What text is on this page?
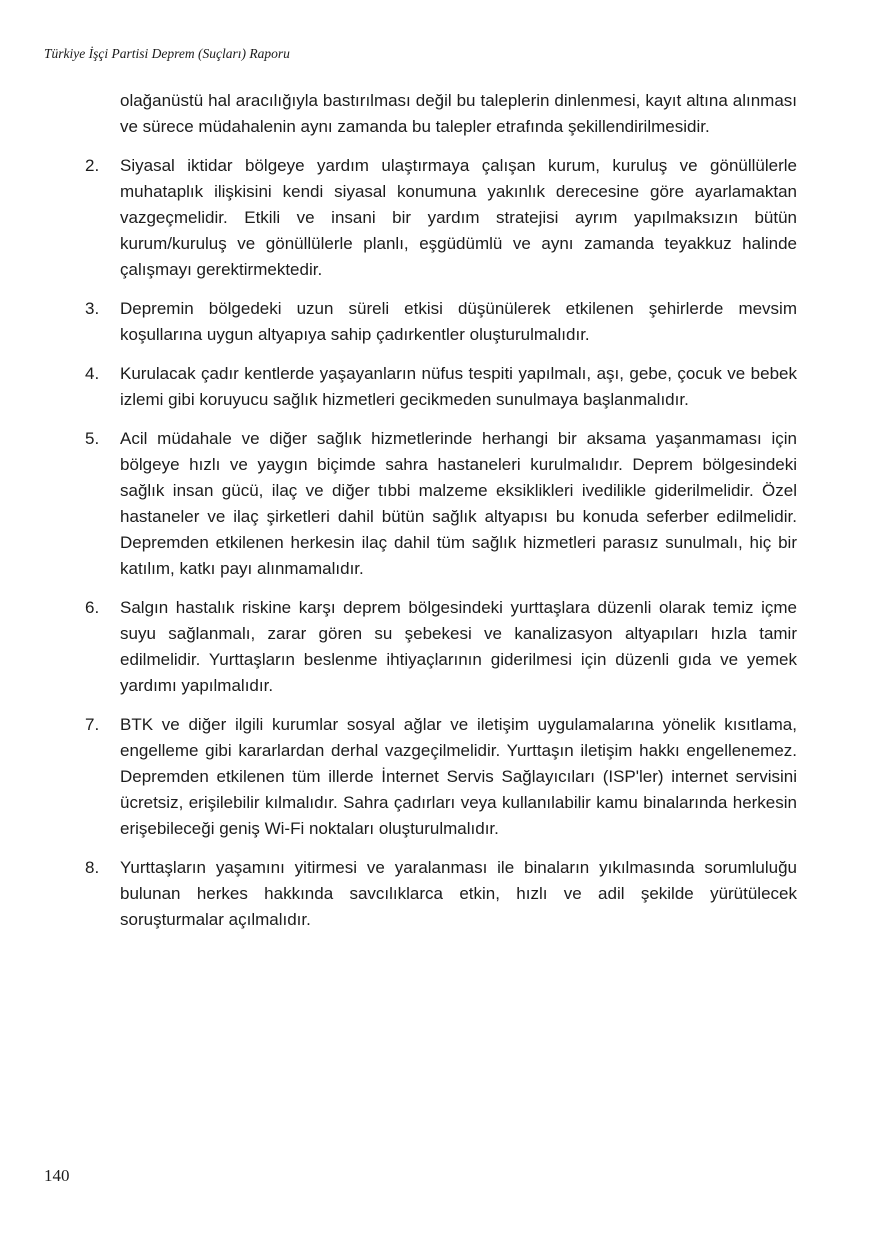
Türkiye İşçi Partisi Deprem (Suçları) Raporu

olağanüstü hal aracılığıyla bastırılması değil bu taleplerin dinlenmesi, kayıt altına alınması ve sürece müdahalenin aynı zamanda bu talepler etrafında şekillendirilmesidir.

2.	Siyasal iktidar bölgeye yardım ulaştırmaya çalışan kurum, kuruluş ve gönüllülerle muhataplık ilişkisini kendi siyasal konumuna yakınlık derecesine göre ayarlamaktan vazgeçmelidir. Etkili ve insani bir yardım stratejisi ayrım yapılmaksızın bütün kurum/kuruluş ve gönüllülerle planlı, eşgüdümlü ve aynı zamanda teyakkuz halinde çalışmayı gerektirmektedir.
3.	Depremin bölgedeki uzun süreli etkisi düşünülerek etkilenen şehirlerde mevsim koşullarına uygun altyapıya sahip çadırkentler oluşturulmalıdır.
4.	Kurulacak çadır kentlerde yaşayanların nüfus tespiti yapılmalı, aşı, gebe, çocuk ve bebek izlemi gibi koruyucu sağlık hizmetleri gecikmeden sunulmaya başlanmalıdır.
5.	Acil müdahale ve diğer sağlık hizmetlerinde herhangi bir aksama yaşanmaması için bölgeye hızlı ve yaygın biçimde sahra hastaneleri kurulmalıdır. Deprem bölgesindeki sağlık insan gücü, ilaç ve diğer tıbbi malzeme eksiklikleri ivedilikle giderilmelidir. Özel hastaneler ve ilaç şirketleri dahil bütün sağlık altyapısı bu konuda seferber edilmelidir. Depremden etkilenen herkesin ilaç dahil tüm sağlık hizmetleri parasız sunulmalı, hiç bir katılım, katkı payı alınmamalıdır.
6.	Salgın hastalık riskine karşı deprem bölgesindeki yurttaşlara düzenli olarak temiz içme suyu sağlanmalı, zarar gören su şebekesi ve kanalizasyon altyapıları hızla tamir edilmelidir. Yurttaşların beslenme ihtiyaçlarının giderilmesi için düzenli gıda ve yemek yardımı yapılmalıdır.
7.	BTK ve diğer ilgili kurumlar sosyal ağlar ve iletişim uygulamalarına yönelik kısıtlama, engelleme gibi kararlardan derhal vazgeçilmelidir. Yurttaşın iletişim hakkı engellenemez. Depremden etkilenen tüm illerde İnternet Servis Sağlayıcıları (ISP'ler) internet servisini ücretsiz, erişilebilir kılmalıdır. Sahra çadırları veya kullanılabilir kamu binalarında herkesin erişebileceği geniş Wi-Fi noktaları oluşturulmalıdır.
8.	Yurttaşların yaşamını yitirmesi ve yaralanması ile binaların yıkılmasında sorumluluğu bulunan herkes hakkında savcılıklarca etkin, hızlı ve adil şekilde yürütülecek soruşturmalar açılmalıdır.
140
